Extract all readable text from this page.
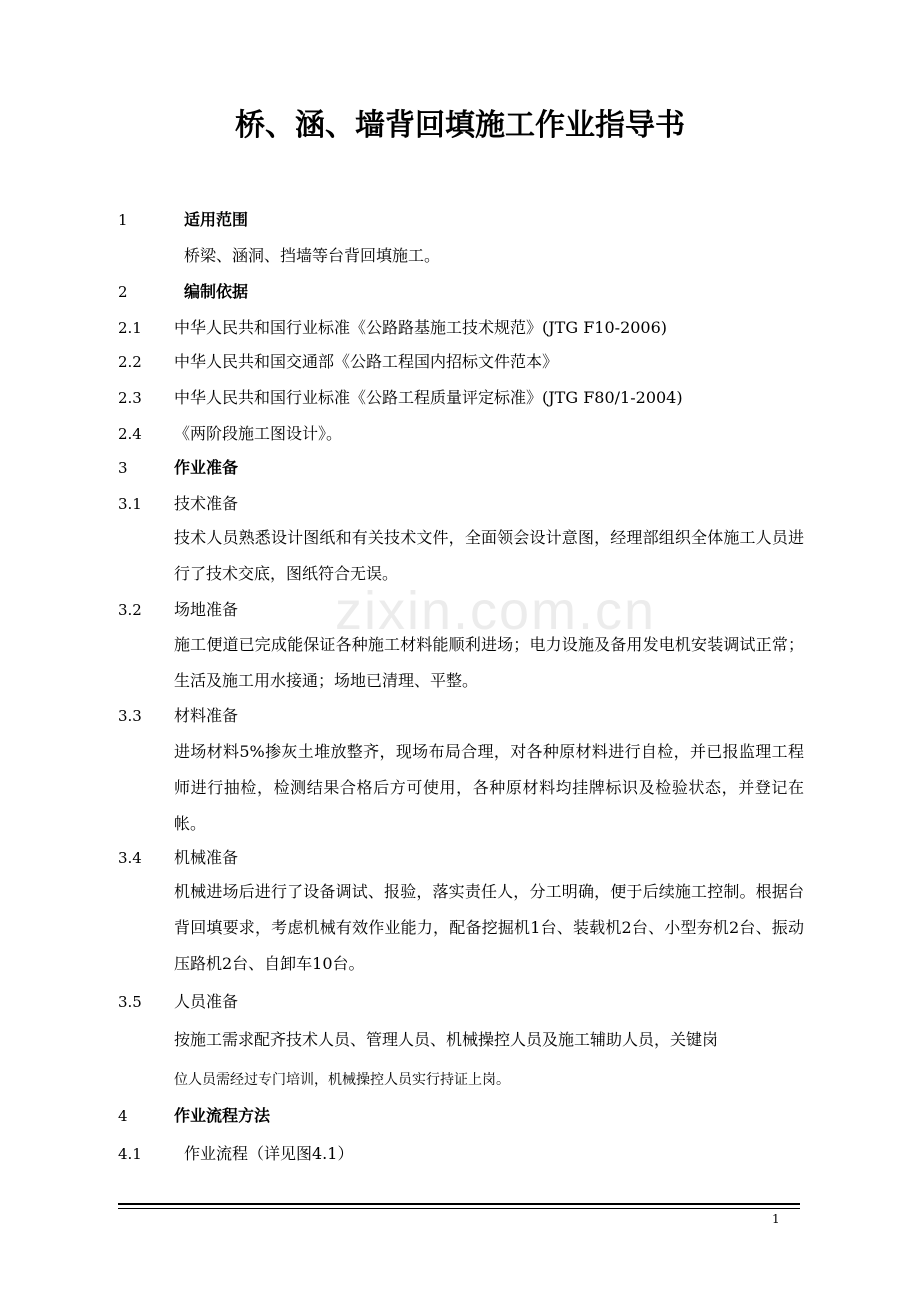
zixin.com.cn
桥、涵、墙背回填施工作业指导书
1	适用范围
桥梁、涵洞、挡墙等台背回填施工。
2	编制依据
2.1 中华人民共和国行业标准《公路路基施工技术规范》(JTG F10-2006)
2.2 中华人民共和国交通部《公路工程国内招标文件范本》
2.3 中华人民共和国行业标准《公路工程质量评定标准》(JTG F80/1-2004)
2.4 《两阶段施工图设计》。
3	作业准备
3.1 技术准备
技术人员熟悉设计图纸和有关技术文件，全面领会设计意图，经理部组织全体施工人员进行了技术交底，图纸符合无误。
3.2 场地准备
施工便道已完成能保证各种施工材料能顺利进场；电力设施及备用发电机安装调试正常；生活及施工用水接通；场地已清理、平整。
3.3 材料准备
进场材料5%掺灰土堆放整齐，现场布局合理，对各种原材料进行自检，并已报监理工程师进行抽检，检测结果合格后方可使用，各种原材料均挂牌标识及检验状态，并登记在帐。
3.4 机械准备
机械进场后进行了设备调试、报验，落实责任人，分工明确，便于后续施工控制。根据台背回填要求，考虑机械有效作业能力，配备挖掘机1台、装载机2台、小型夯机2台、振动压路机2台、自卸车10台。
3.5 人员准备
按施工需求配齐技术人员、管理人员、机械操控人员及施工辅助人员，关键岗
位人员需经过专门培训，机械操控人员实行持证上岗。
4	作业流程方法
4.1	作业流程（详见图4.1）
1
